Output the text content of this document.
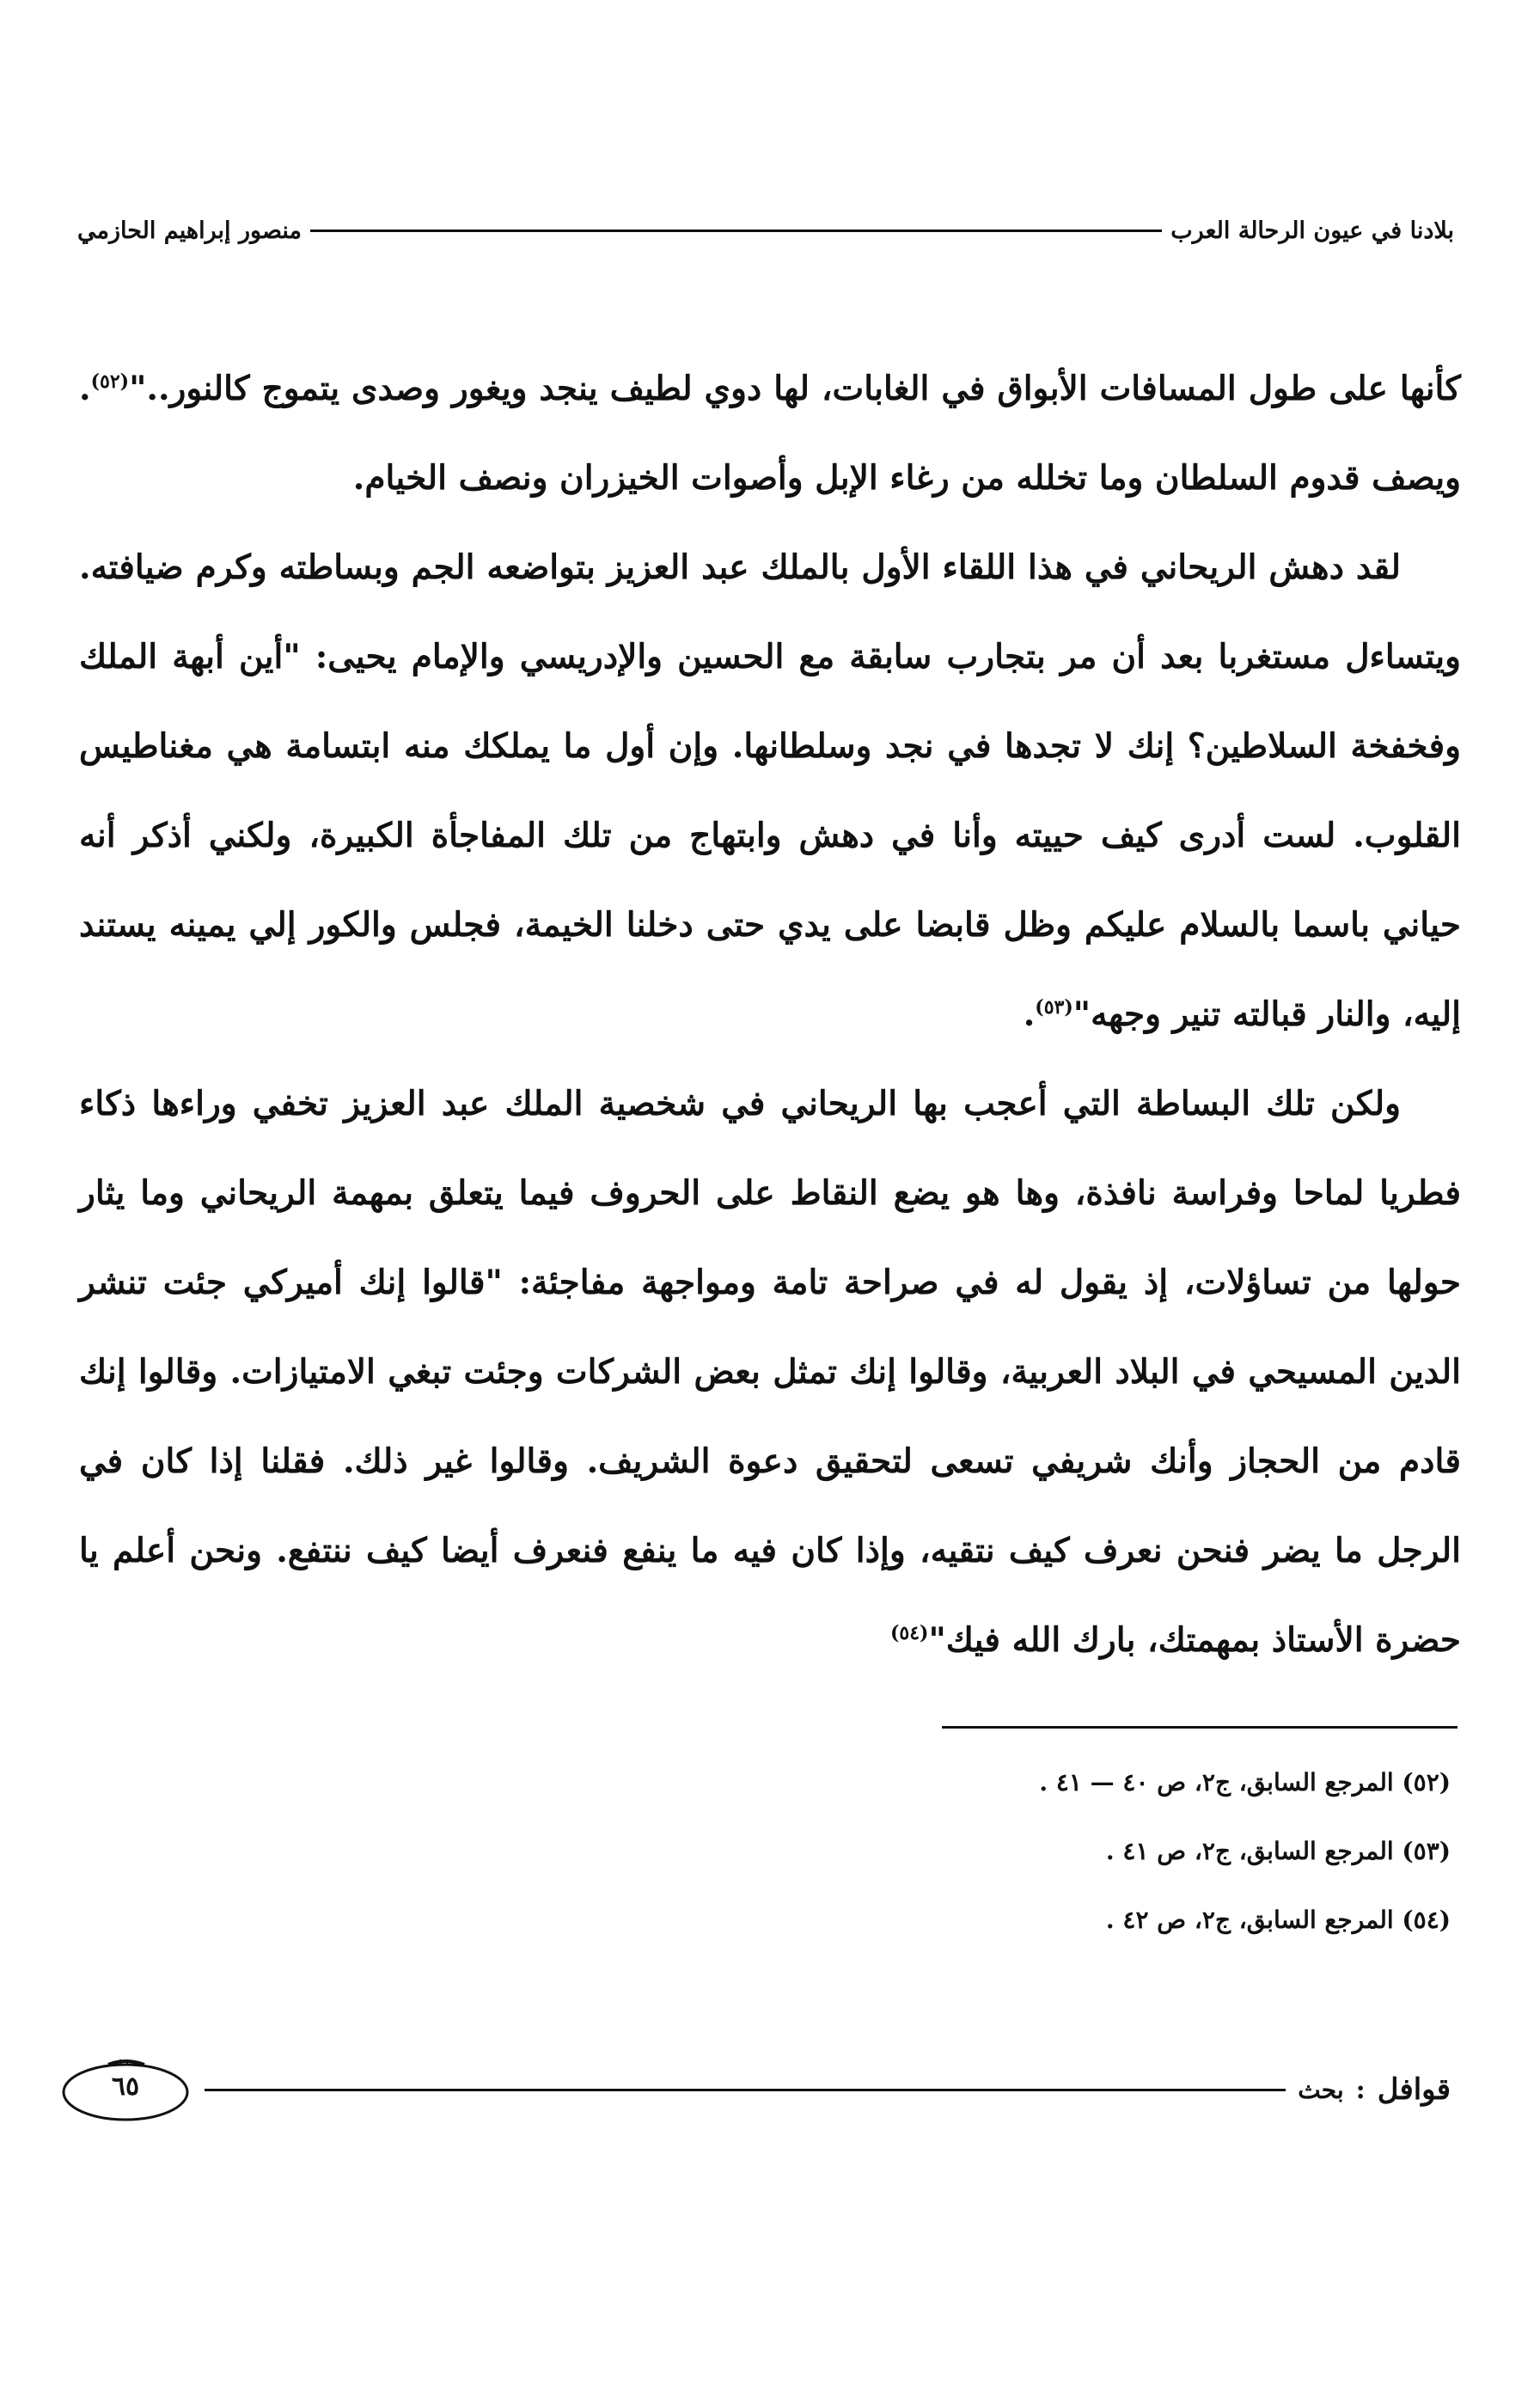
بلادنا في عيون الرحالة العرب
منصور إبراهيم الحازمي

كأنها على طول المسافات الأبواق في الغابات، لها دوي لطيف ينجد ويغور وصدى يتموج كالنور.."$^{(٥٢)}$. ويصف قدوم السلطان وما تخلله من رغاء الإبل وأصوات الخيزران ونصف الخيام.

لقد دهش الريحاني في هذا اللقاء الأول بالملك عبد العزيز بتواضعه الجم وبساطته وكرم ضيافته. ويتساءل مستغربا بعد أن مر بتجارب سابقة مع الحسين والإدريسي والإمام يحيى: "أين أبهة الملك وفخفخة السلاطين؟ إنك لا تجدها في نجد وسلطانها. وإن أول ما يملكك منه ابتسامة هي مغناطيس القلوب. لست أدرى كيف حييته وأنا في دهش وابتهاج من تلك المفاجأة الكبيرة، ولكني أذكر أنه حياني باسما بالسلام عليكم وظل قابضا على يدي حتى دخلنا الخيمة، فجلس والكور إلي يمينه يستند إليه، والنار قبالته تنير وجهه"$^{(٥٣)}$.

ولكن تلك البساطة التي أعجب بها الريحاني في شخصية الملك عبد العزيز تخفي وراءها ذكاء فطريا لماحا وفراسة نافذة، وها هو يضع النقاط على الحروف فيما يتعلق بمهمة الريحاني وما يثار حولها من تساؤلات، إذ يقول له في صراحة تامة ومواجهة مفاجئة: "قالوا إنك أميركي جئت تنشر الدين المسيحي في البلاد العربية، وقالوا إنك تمثل بعض الشركات وجئت تبغي الامتيازات. وقالوا إنك قادم من الحجاز وأنك شريفي تسعى لتحقيق دعوة الشريف. وقالوا غير ذلك. فقلنا إذا كان في الرجل ما يضر فنحن نعرف كيف نتقيه، وإذا كان فيه ما ينفع فنعرف أيضا كيف ننتفع. ونحن أعلم يا حضرة الأستاذ بمهمتك، بارك الله فيك"$^{(٥٤)}$

(٥٢) المرجع السابق، ج٢، ص ٤٠ — ٤١ .
(٥٣) المرجع السابق، ج٢، ص ٤١ .
(٥٤) المرجع السابق، ج٢، ص ٤٢ .
قوافل
:
بحث
٦٥
